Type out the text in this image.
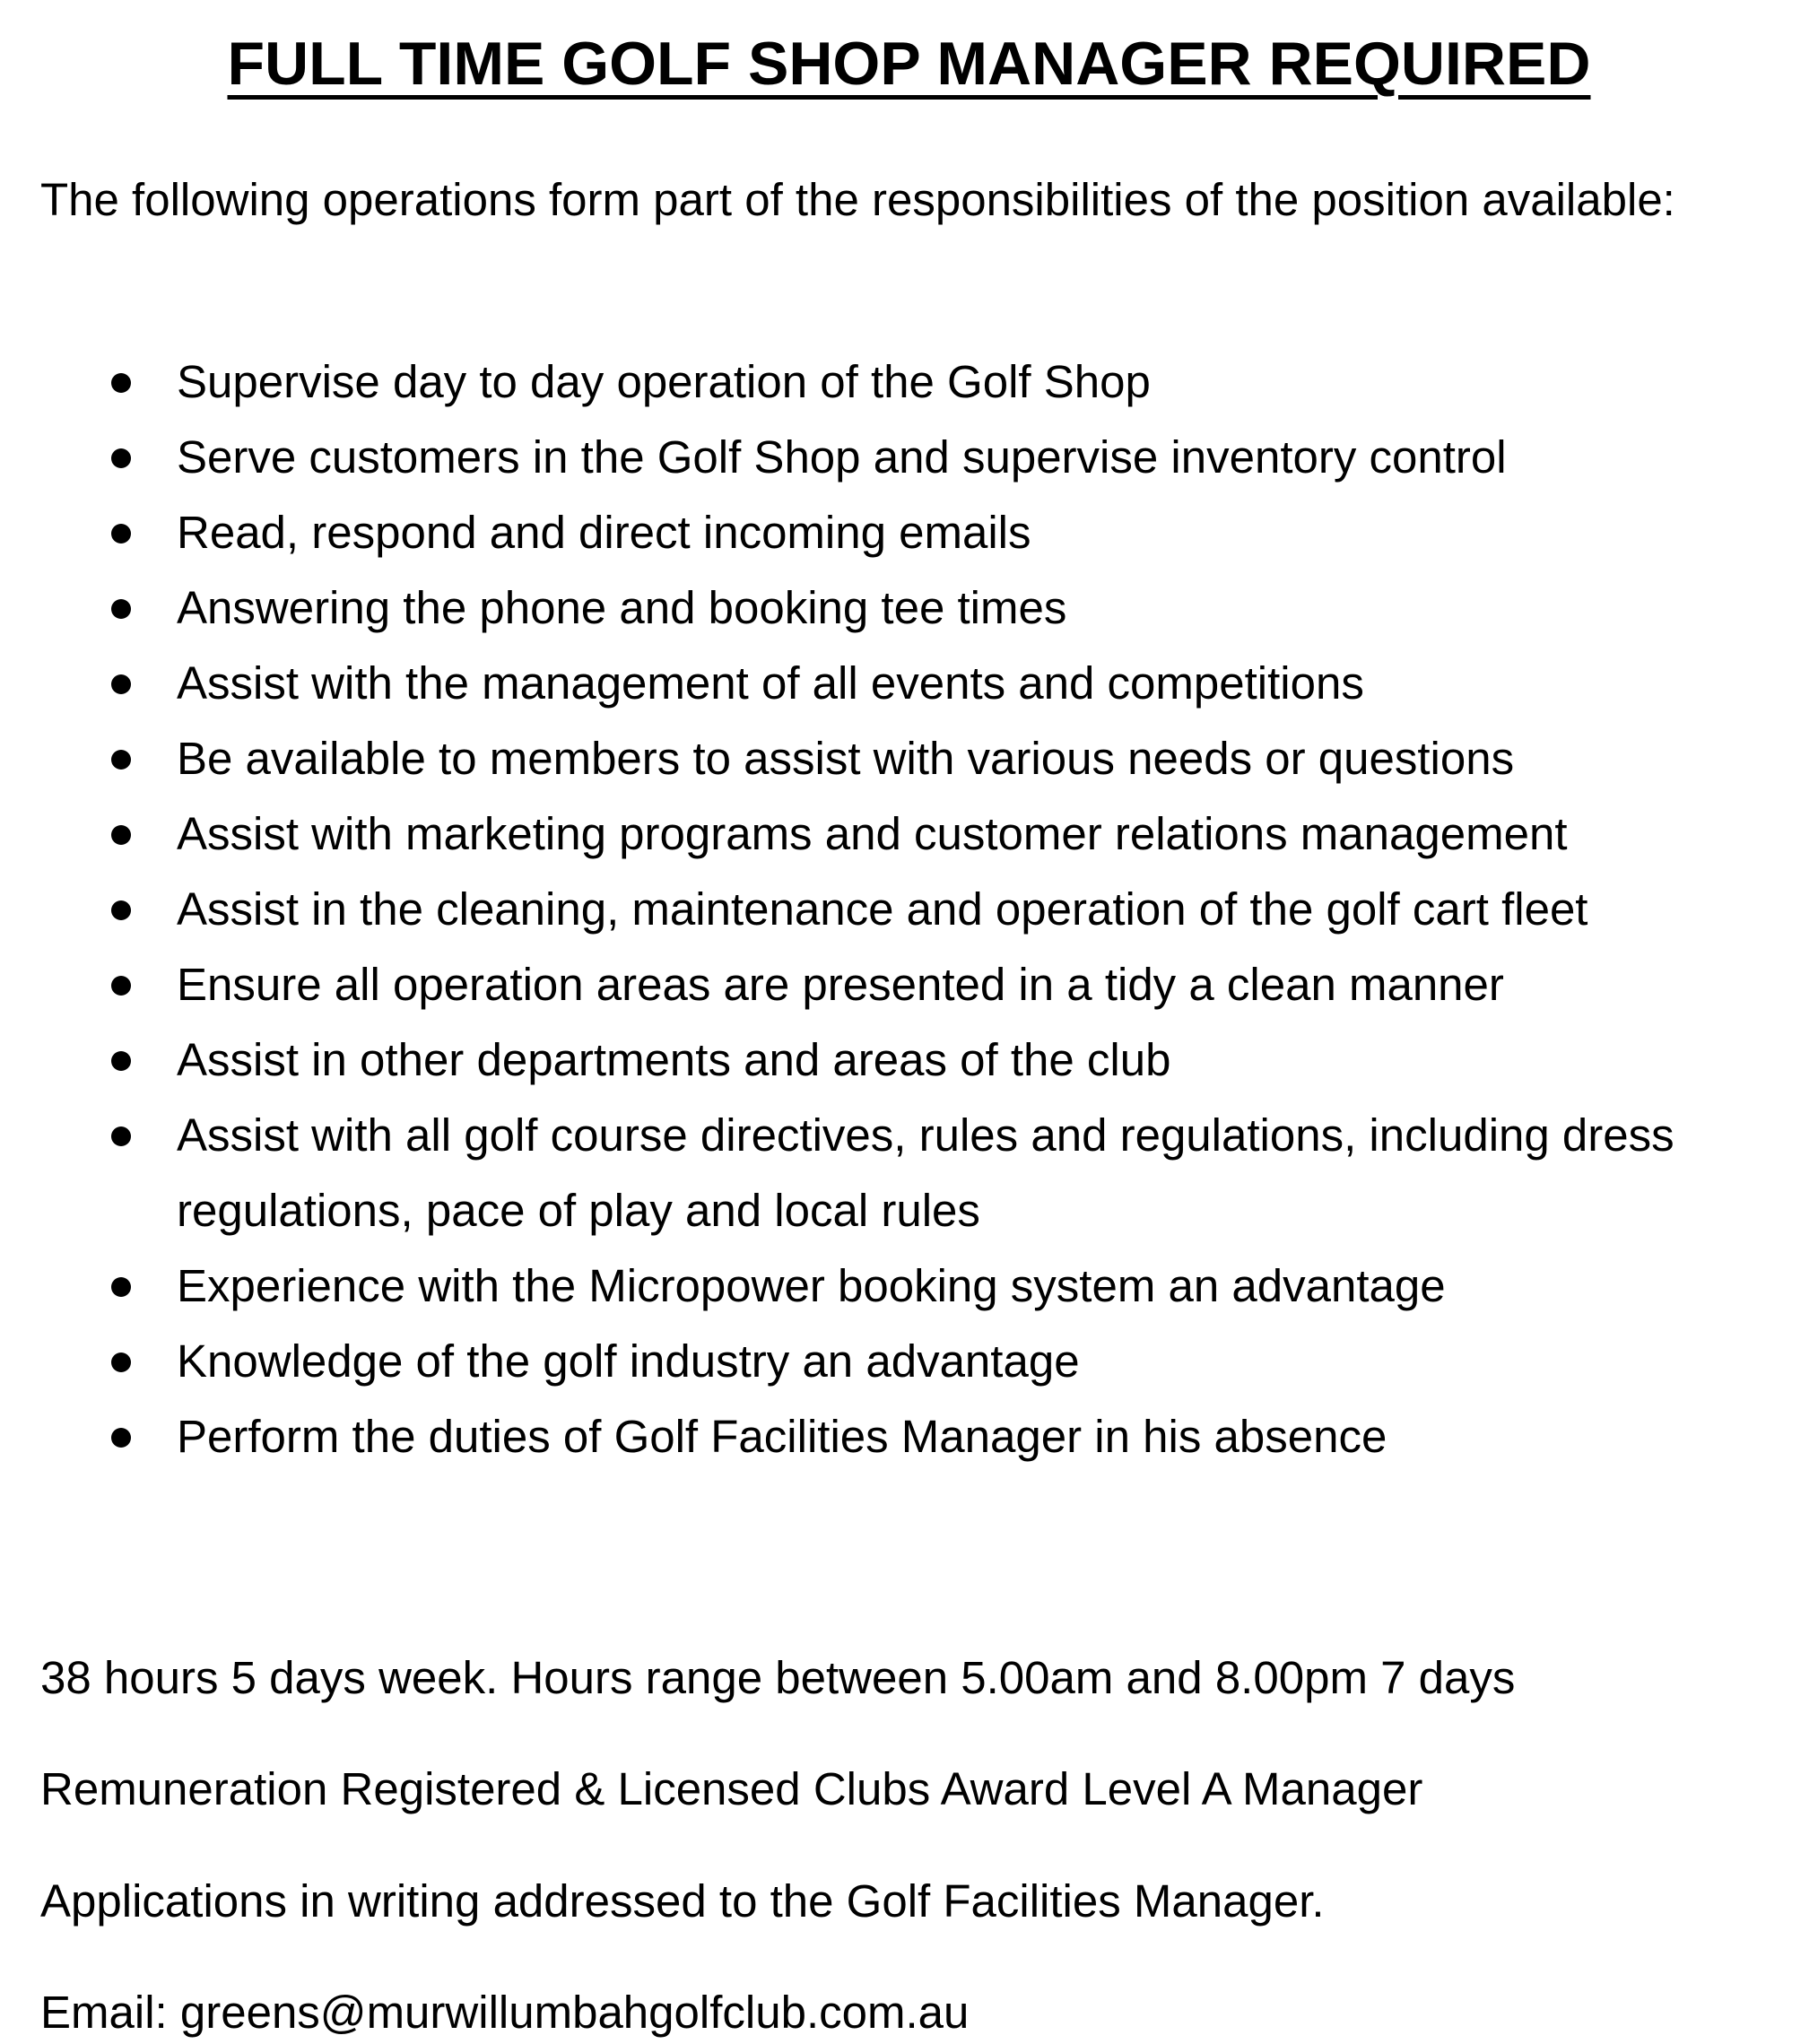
FULL TIME GOLF SHOP MANAGER REQUIRED

The following operations form part of the responsibilities of the position available:

Supervise day to day operation of the Golf Shop
Serve customers in the Golf Shop and supervise inventory control
Read, respond and direct incoming emails
Answering the phone and booking tee times
Assist with the management of all events and competitions
Be available to members to assist with various needs or questions
Assist with marketing programs and customer relations management
Assist in the cleaning, maintenance and operation of the golf cart fleet
Ensure all operation areas are presented in a tidy a clean manner
Assist in other departments and areas of the club
Assist with all golf course directives, rules and regulations, including dress regulations, pace of play and local rules
Experience with the Micropower booking system an advantage
Knowledge of the golf industry an advantage
Perform the duties of Golf Facilities Manager in his absence

38 hours 5 days week. Hours range between 5.00am and 8.00pm 7 days

Remuneration Registered & Licensed Clubs Award Level A Manager

Applications in writing addressed to the Golf Facilities Manager.

Email: greens@murwillumbahgolfclub.com.au
